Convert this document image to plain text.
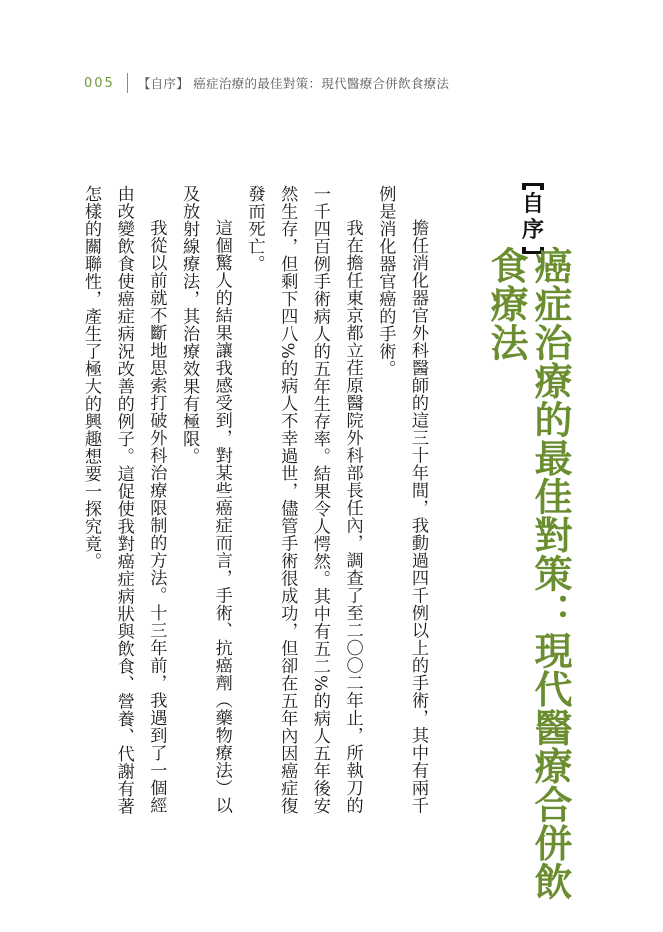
005 【自序】 癌症治療的最佳對策：現代醫療合併飲食療法
自
序
癌症治療的最佳對策：現代醫療合併飲食療法

擔任消化器官外科醫師的這三十年間，我動過四千例以上的手術，其中有兩千例是消化器官癌的手術。

我在擔任東京都立荏原醫院外科部長任內，調查了至二〇〇二年止，所執刀的一千四百例手術病人的五年生存率。結果令人愕然。其中有五二%的病人五年後安然生存，但剩下四八%的病人不幸過世，儘管手術很成功，但卻在五年內因癌症復發而死亡。

這個驚人的結果讓我感受到，對某些癌症而言，手術、抗癌劑（藥物療法）以及放射線療法，其治療效果有極限。

我從以前就不斷地思索打破外科治療限制的方法。十三年前，我遇到了一個經由改變飲食使癌症病況改善的例子。這促使我對癌症病狀與飲食、營養、代謝有著怎樣的關聯性，產生了極大的興趣想要一探究竟。
